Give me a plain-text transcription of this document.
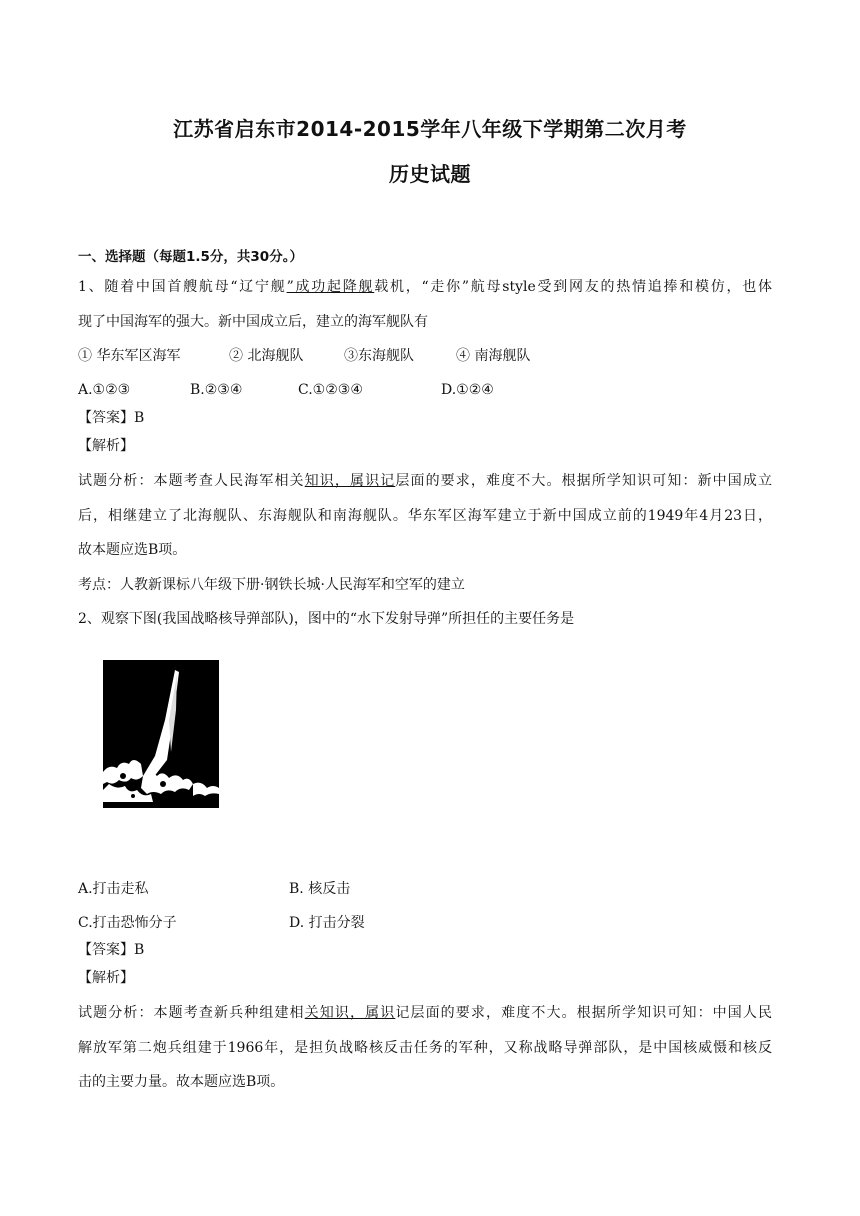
江苏省启东市2014-2015学年八年级下学期第二次月考
历史试题
一、选择题（每题1.5分，共30分。）
1、随着中国首艘航母“辽宁舰”成功起降舰载机，“走你”航母style受到网友的热情追捧和模仿，也体
现了中国海军的强大。新中国成立后，建立的海军舰队有
① 华东军区海军	② 北海舰队	③东海舰队	④ 南海舰队
A.①②③	B.②③④	C.①②③④	D.①②④
【答案】B
【解析】
试题分析：本题考查人民海军相关知识，属识记层面的要求，难度不大。根据所学知识可知：新中国成立
后，相继建立了北海舰队、东海舰队和南海舰队。华东军区海军建立于新中国成立前的1949年4月23日，
故本题应选B项。
考点：人教新课标八年级下册·钢铁长城·人民海军和空军的建立
2、观察下图(我国战略核导弹部队)，图中的“水下发射导弹”所担任的主要任务是
A.打击走私	B. 核反击
C.打击恐怖分子	D. 打击分裂
【答案】B
【解析】
试题分析：本题考查新兵种组建相关知识，属识记层面的要求，难度不大。根据所学知识可知：中国人民
解放军第二炮兵组建于1966年，是担负战略核反击任务的军种，又称战略导弹部队，是中国核威慑和核反
击的主要力量。故本题应选B项。
